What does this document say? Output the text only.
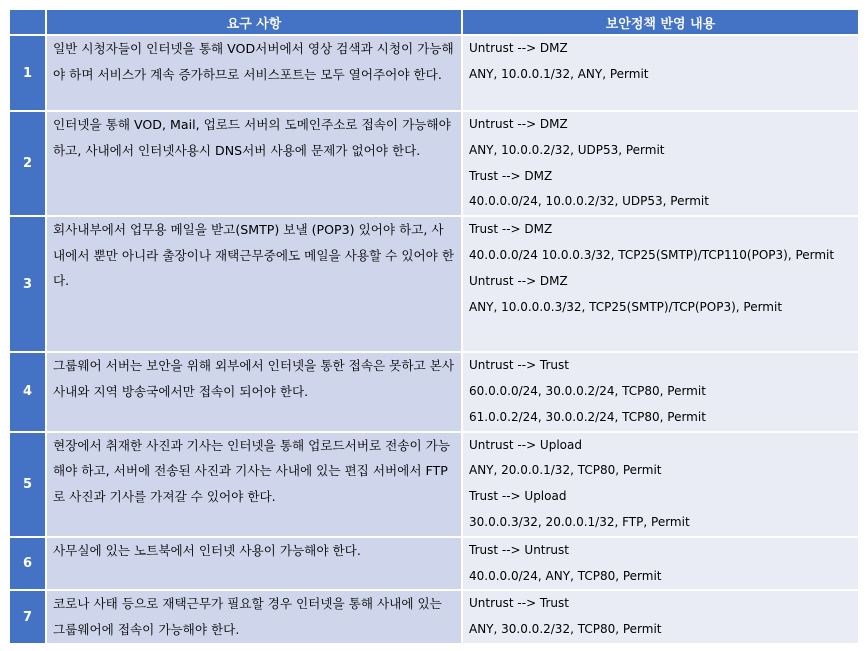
	요구 사항	보안정책 반영 내용
1	일반 시청자들이 인터넷을 통해 VOD서버에서 영상 검색과 시청이 가능해야 하며 서비스가 계속 증가하므로 서비스포트는 모두 열어주어야 한다.	Untrust --> DMZ
ANY, 10.0.0.1/32, ANY, Permit

2	인터넷을 통해 VOD, Mail, 업로드 서버의 도메인주소로 접속이 가능해야 하고, 사내에서 인터넷사용시 DNS서버 사용에 문제가 없어야 한다.	Untrust --> DMZ
ANY, 10.0.0.2/32, UDP53, Permit
Trust --> DMZ
40.0.0.0/24, 10.0.0.2/32, UDP53, Permit

3	회사내부에서 업무용 메일을 받고(SMTP) 보낼 (POP3) 있어야 하고, 사내에서 뿐만 아니라 출장이나 재택근무중에도 메일을 사용할 수 있어야 한다.	Trust --> DMZ
40.0.0.0/24 10.0.0.3/32, TCP25(SMTP)/TCP110(POP3), Permit
Untrust --> DMZ
ANY, 10.0.0.0.3/32, TCP25(SMTP)/TCP(POP3), Permit

4	그룹웨어 서버는 보안을 위해 외부에서 인터넷을 통한 접속은 못하고 본사 사내와 지역 방송국에서만 접속이 되어야 한다.	Untrust --> Trust
60.0.0.0/24, 30.0.0.2/24, TCP80, Permit
61.0.0.2/24, 30.0.0.2/24, TCP80, Permit

5	현장에서 취재한 사진과 기사는 인터넷을 통해 업로드서버로 전송이 가능해야 하고, 서버에 전송된 사진과 기사는 사내에 있는 편집 서버에서 FTP로 사진과 기사를 가져갈 수 있어야 한다.	Untrust --> Upload
ANY, 20.0.0.1/32, TCP80, Permit
Trust --> Upload
30.0.0.3/32, 20.0.0.1/32, FTP, Permit

6	사무실에 있는 노트북에서 인터넷 사용이 가능해야 한다.	Trust --> Untrust
40.0.0.0/24, ANY, TCP80, Permit

7	코로나 사태 등으로 재택근무가 필요할 경우 인터넷을 통해 사내에 있는 그룹웨어에 접속이 가능해야 한다.	Untrust --> Trust
ANY, 30.0.0.2/32, TCP80, Permit
